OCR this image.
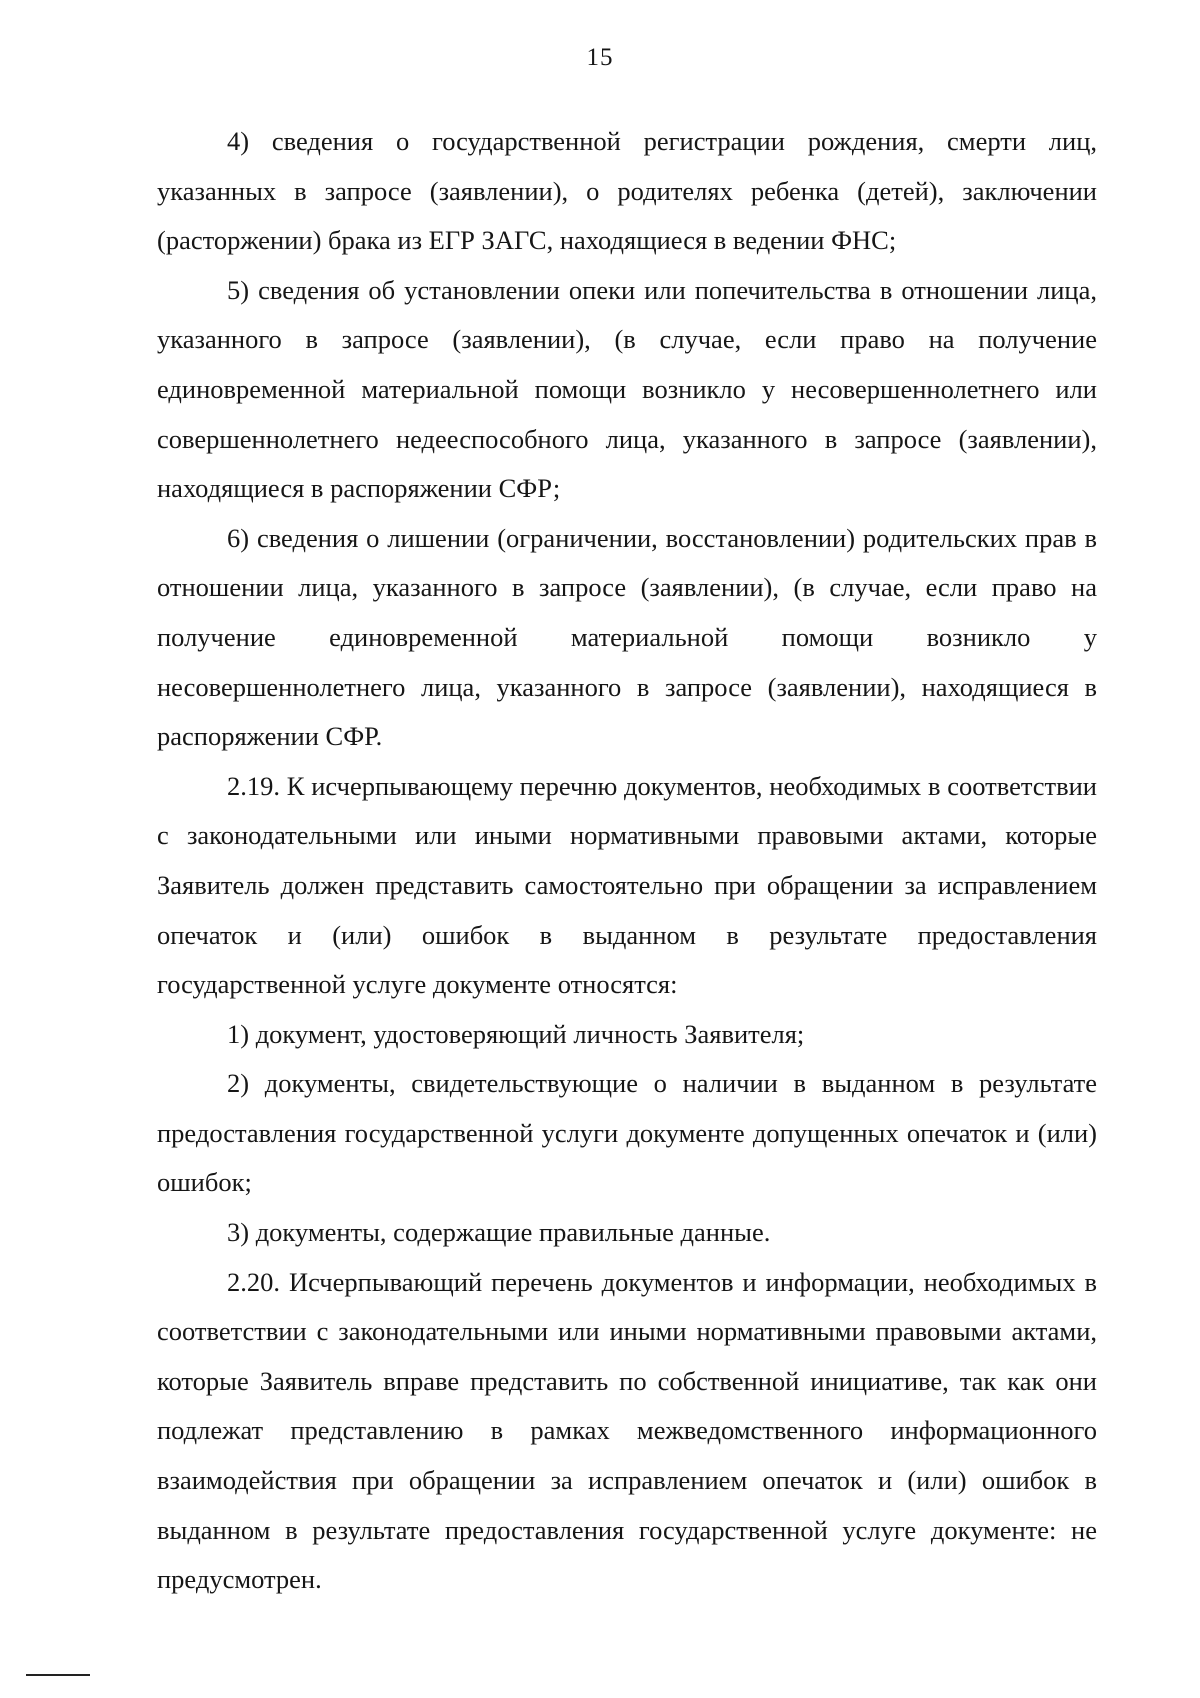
15

4) сведения о государственной регистрации рождения, смерти лиц, указанных в запросе (заявлении), о родителях ребенка (детей), заключении (расторжении) брака из ЕГР ЗАГС, находящиеся в ведении ФНС;

5) сведения об установлении опеки или попечительства в отношении лица, указанного в запросе (заявлении), (в случае, если право на получение единовременной материальной помощи возникло у несовершеннолетнего или совершеннолетнего недееспособного лица, указанного в запросе (заявлении), находящиеся в распоряжении СФР;

6) сведения о лишении (ограничении, восстановлении) родительских прав в отношении лица, указанного в запросе (заявлении), (в случае, если право на получение единовременной материальной помощи возникло у несовершеннолетнего лица, указанного в запросе (заявлении), находящиеся в распоряжении СФР.

2.19. К исчерпывающему перечню документов, необходимых в соответствии с законодательными или иными нормативными правовыми актами, которые Заявитель должен представить самостоятельно при обращении за исправлением опечаток и (или) ошибок в выданном в результате предоставления государственной услуге документе относятся:

1) документ, удостоверяющий личность Заявителя;

2) документы, свидетельствующие о наличии в выданном в результате предоставления государственной услуги документе допущенных опечаток и (или) ошибок;

3) документы, содержащие правильные данные.

2.20. Исчерпывающий перечень документов и информации, необходимых в соответствии с законодательными или иными нормативными правовыми актами, которые Заявитель вправе представить по собственной инициативе, так как они подлежат представлению в рамках межведомственного информационного взаимодействия при обращении за исправлением опечаток и (или) ошибок в выданном в результате предоставления государственной услуге документе: не предусмотрен.
